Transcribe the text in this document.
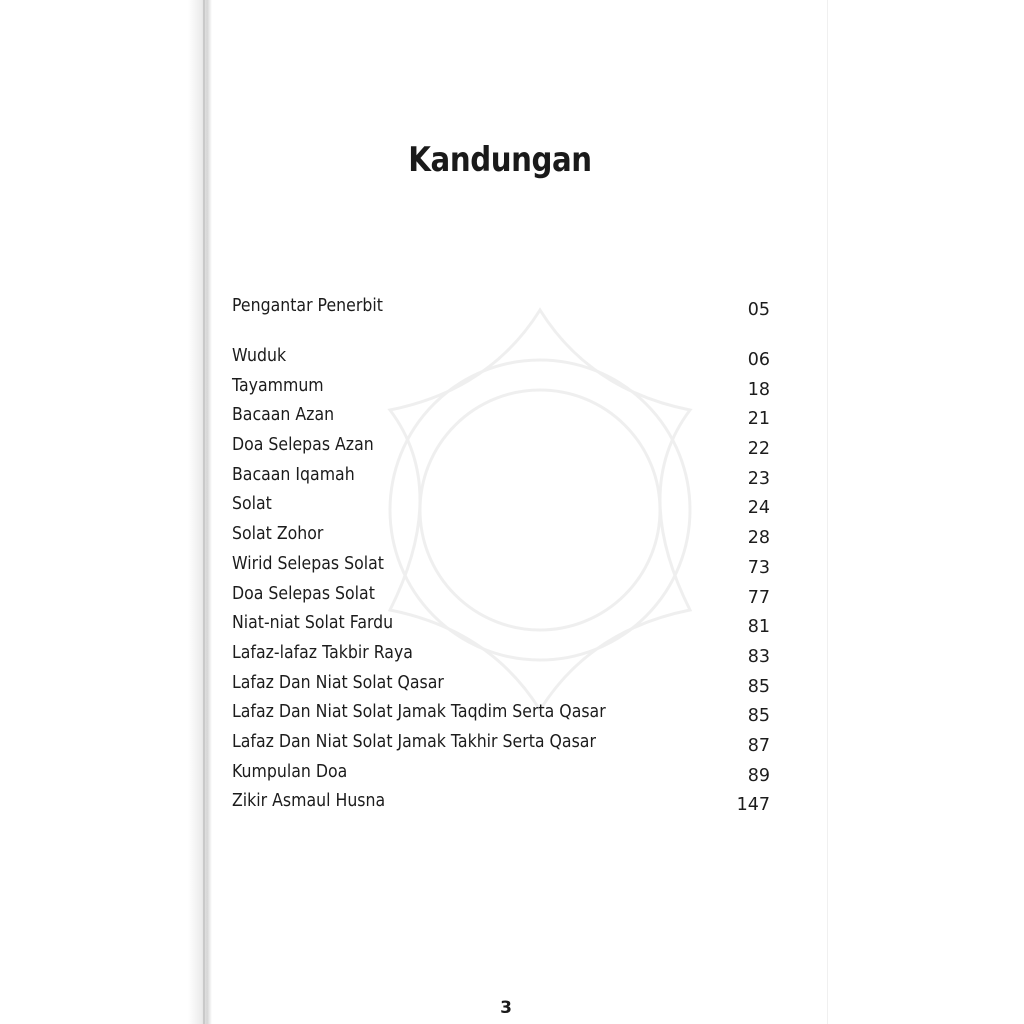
Kandungan
Pengantar Penerbit	05
Wuduk	06
Tayammum	18
Bacaan Azan	21
Doa Selepas Azan	22
Bacaan Iqamah	23
Solat	24
Solat Zohor	28
Wirid Selepas Solat	73
Doa Selepas Solat	77
Niat-niat Solat Fardu	81
Lafaz-lafaz Takbir Raya	83
Lafaz Dan Niat Solat Qasar	85
Lafaz Dan Niat Solat Jamak Taqdim Serta Qasar	85
Lafaz Dan Niat Solat Jamak Takhir Serta Qasar	87
Kumpulan Doa	89
Zikir Asmaul Husna	147
3
